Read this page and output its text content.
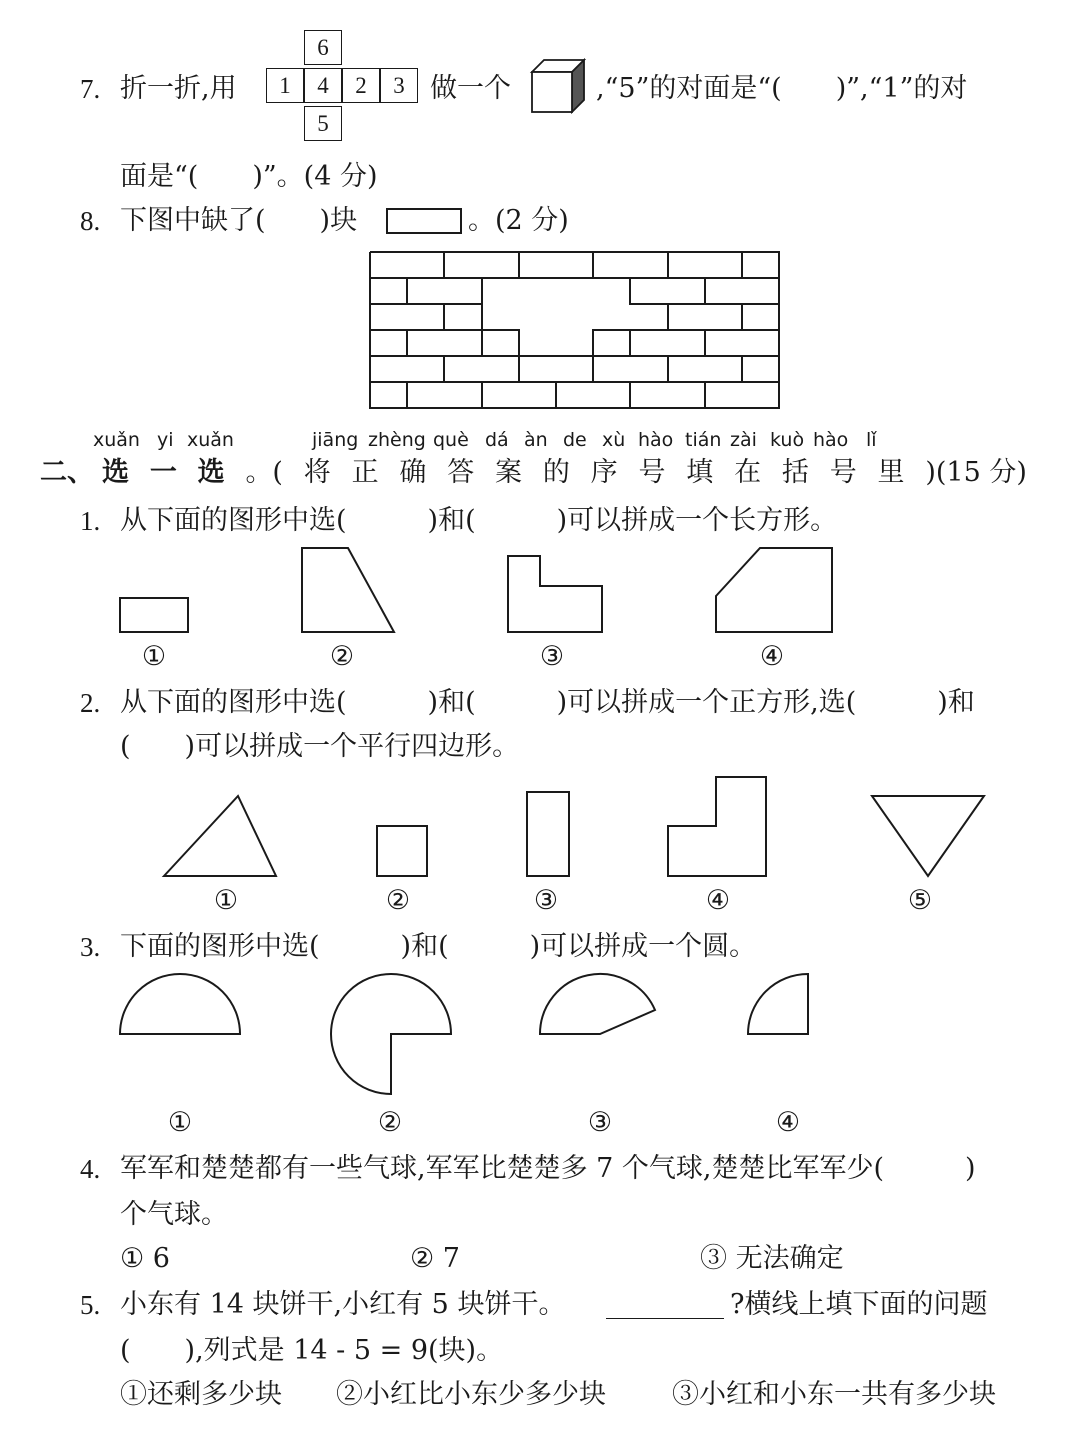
7. 折一折,用
6
1	4	2	3
5
做一个	,“5”的对面是“(　　)”,“1”的对
面是“(　　)”。(4 分)
8. 下图中缺了(　　)块	。(2 分)
xuǎn yi xuǎn	jiāng zhèng què dá àn de xù hào tián zài kuò hào lǐ
二、 选 一 选 。( 将 正 确 答 案 的 序 号 填 在 括 号 里 )(15 分)
1. 从下面的图形中选(　　　)和(　　　)可以拼成一个长方形。
①	②	③	④
2. 从下面的图形中选(　　　)和(　　　)可以拼成一个正方形,选(　　　)和
(　　)可以拼成一个平行四边形。
①	②	③	④	⑤
3. 下面的图形中选(　　　)和(　　　)可以拼成一个圆。
①	②	③	④
4. 军军和楚楚都有一些气球,军军比楚楚多 7 个气球,楚楚比军军少(　　　)
个气球。
① 6	② 7	③ 无法确定
5. 小东有 14 块饼干,小红有 5 块饼干。	?横线上填下面的问题
(　　),列式是 14 - 5 = 9(块)。
①还剩多少块 ②小红比小东少多少块 ③小红和小东一共有多少块
